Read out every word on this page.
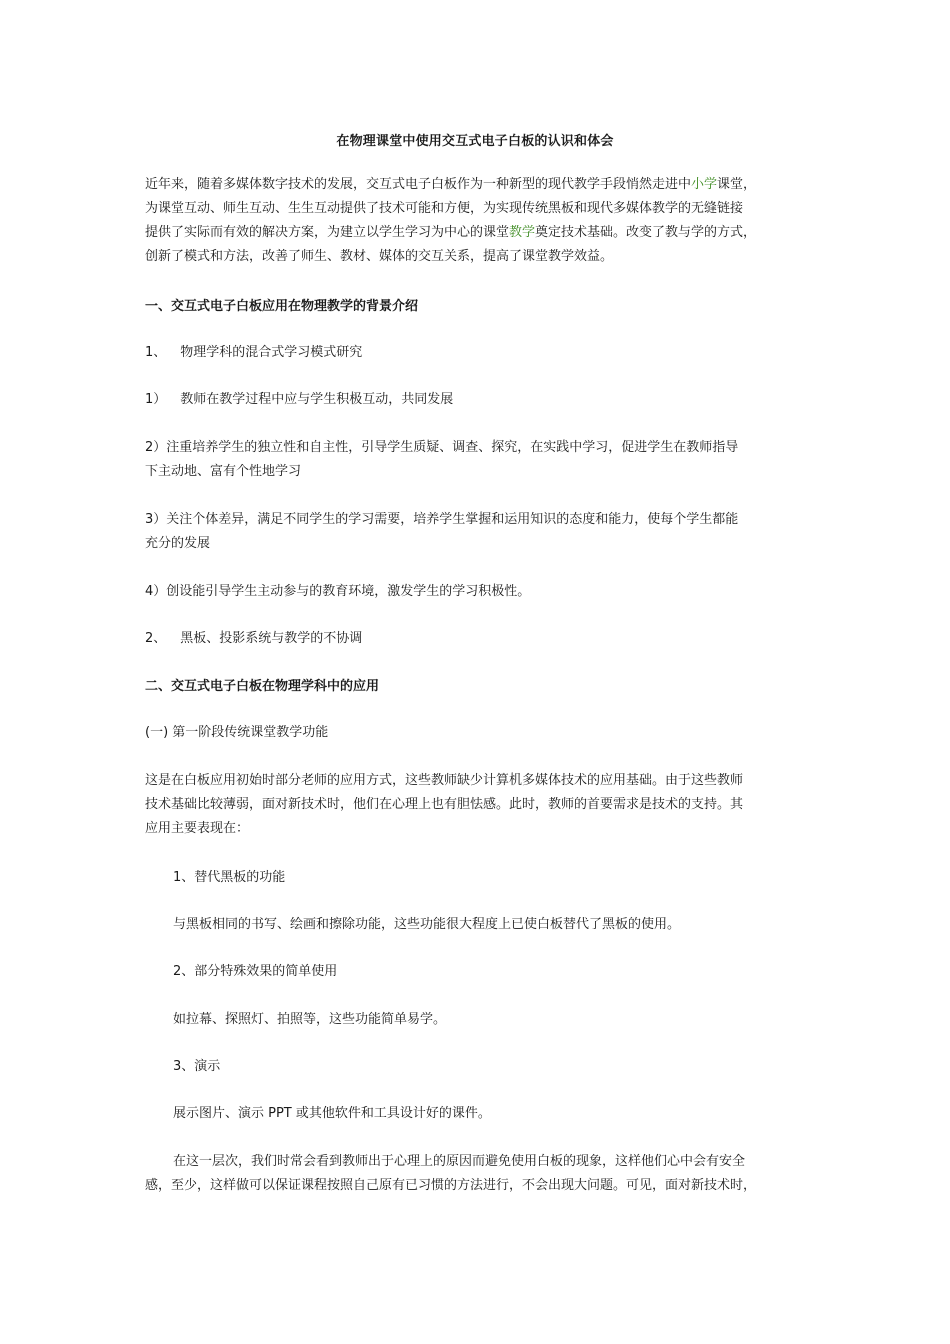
在物理课堂中使用交互式电子白板的认识和体会
近年来，随着多媒体数字技术的发展，交互式电子白板作为一种新型的现代教学手段悄然走进中小学课堂，
为课堂互动、师生互动、生生互动提供了技术可能和方便，为实现传统黑板和现代多媒体教学的无缝链接
提供了实际而有效的解决方案，为建立以学生学习为中心的课堂教学奠定技术基础。改变了教与学的方式，
创新了模式和方法，改善了师生、教材、媒体的交互关系，提高了课堂教学效益。
一、交互式电子白板应用在物理教学的背景介绍
1、 物理学科的混合式学习模式研究
1） 教师在教学过程中应与学生积极互动，共同发展
2）注重培养学生的独立性和自主性，引导学生质疑、调查、探究，在实践中学习，促进学生在教师指导
下主动地、富有个性地学习
3）关注个体差异，满足不同学生的学习需要，培养学生掌握和运用知识的态度和能力，使每个学生都能
充分的发展
4）创设能引导学生主动参与的教育环境，激发学生的学习积极性。
2、 黑板、投影系统与教学的不协调
二、交互式电子白板在物理学科中的应用
(一) 第一阶段传统课堂教学功能
这是在白板应用初始时部分老师的应用方式，这些教师缺少计算机多媒体技术的应用基础。由于这些教师
技术基础比较薄弱，面对新技术时，他们在心理上也有胆怯感。此时，教师的首要需求是技术的支持。其
应用主要表现在：
1、替代黑板的功能
与黑板相同的书写、绘画和擦除功能，这些功能很大程度上已使白板替代了黑板的使用。
2、部分特殊效果的简单使用
如拉幕、探照灯、拍照等，这些功能简单易学。
3、演示
展示图片、演示 PPT 或其他软件和工具设计好的课件。
在这一层次，我们时常会看到教师出于心理上的原因而避免使用白板的现象，这样他们心中会有安全
感，至少，这样做可以保证课程按照自己原有已习惯的方法进行，不会出现大问题。可见，面对新技术时，
